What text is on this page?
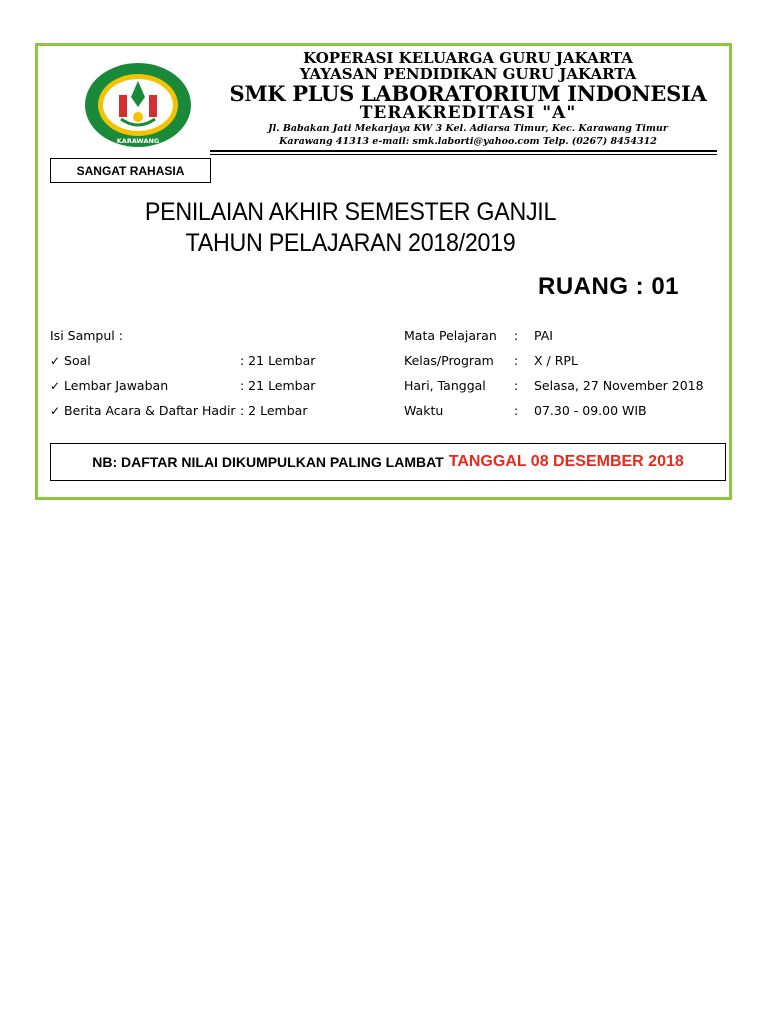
KARAWANG
KOPERASI KELUARGA GURU JAKARTA
YAYASAN PENDIDIKAN GURU JAKARTA
SMK PLUS LABORATORIUM INDONESIA
TERAKREDITASI "A"
Jl. Babakan Jati Mekarjaya KW 3 Kel. Adiarsa Timur, Kec. Karawang Timur
Karawang 41313 e-mail: smk.laborti@yahoo.com Telp. (0267) 8454312
SANGAT RAHASIA
PENILAIAN AKHIR SEMESTER GANJIL
TAHUN PELAJARAN 2018/2019
RUANG : 01
Isi Sampul :
✓ Soal	: 21 Lembar
✓ Lembar Jawaban	: 21 Lembar
✓ Berita Acara & Daftar Hadir : 2 Lembar
Mata Pelajaran : PAI
Kelas/Program : X / RPL
Hari, Tanggal : Selasa, 27 November 2018
Waktu	: 07.30 - 09.00 WIB
NB: DAFTAR NILAI DIKUMPULKAN PALING LAMBAT TANGGAL 08 DESEMBER 2018
